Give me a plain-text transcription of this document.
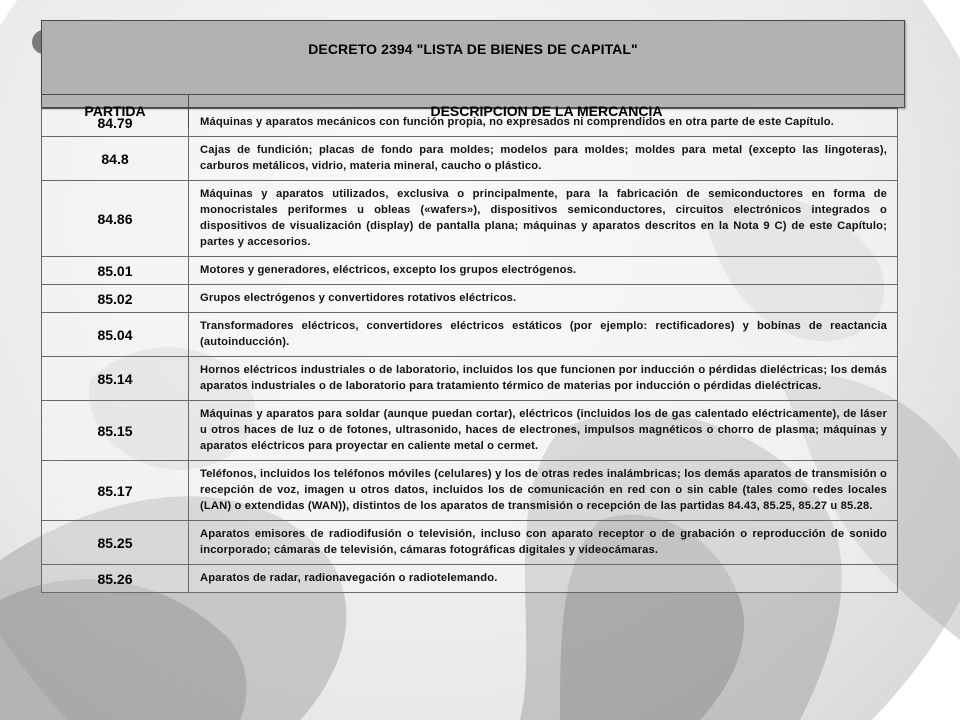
DECRETO 2394 "LISTA DE BIENES DE CAPITAL"
PARTIDA	DESCRIPCION DE LA MERCANCIA
84.79	Máquinas y aparatos mecánicos con función propia, no expresados ni comprendidos en otra parte de este Capítulo.
84.8	Cajas de fundición; placas de fondo para moldes; modelos para moldes; moldes para metal (excepto las lingoteras), carburos metálicos, vidrio, materia mineral, caucho o plástico.
84.86	Máquinas y aparatos utilizados, exclusiva o principalmente, para la fabricación de semiconductores en forma de monocristales periformes u obleas («wafers»), dispositivos semiconductores, circuitos electrónicos integrados o dispositivos de visualización (display) de pantalla plana; máquinas y aparatos descritos en la Nota 9 C) de este Capítulo; partes y accesorios.
85.01	Motores y generadores, eléctricos, excepto los grupos electrógenos.
85.02	Grupos electrógenos y convertidores rotativos eléctricos.
85.04	Transformadores eléctricos, convertidores eléctricos estáticos (por ejemplo: rectificadores) y bobinas de reactancia (autoinducción).
85.14	Hornos eléctricos industriales o de laboratorio, incluidos los que funcionen por inducción o pérdidas dieléctricas; los demás aparatos industriales o de laboratorio para tratamiento térmico de materias por inducción o pérdidas dieléctricas.
85.15	Máquinas y aparatos para soldar (aunque puedan cortar), eléctricos (incluidos los de gas calentado eléctricamente), de láser u otros haces de luz o de fotones, ultrasonido, haces de electrones, impulsos magnéticos o chorro de plasma; máquinas y aparatos eléctricos para proyectar en caliente metal o cermet.
85.17	Teléfonos, incluidos los teléfonos móviles (celulares) y los de otras redes inalámbricas; los demás aparatos de transmisión o recepción de voz, imagen u otros datos, incluidos los de comunicación en red con o sin cable (tales como redes locales (LAN) o extendidas (WAN)), distintos de los aparatos de transmisión o recepción de las partidas 84.43, 85.25, 85.27 u 85.28.
85.25	Aparatos emisores de radiodifusión o televisión, incluso con aparato receptor o de grabación o reproducción de sonido incorporado; cámaras de televisión, cámaras fotográficas digitales y videocámaras.
85.26	Aparatos de radar, radionavegación o radiotelemando.
